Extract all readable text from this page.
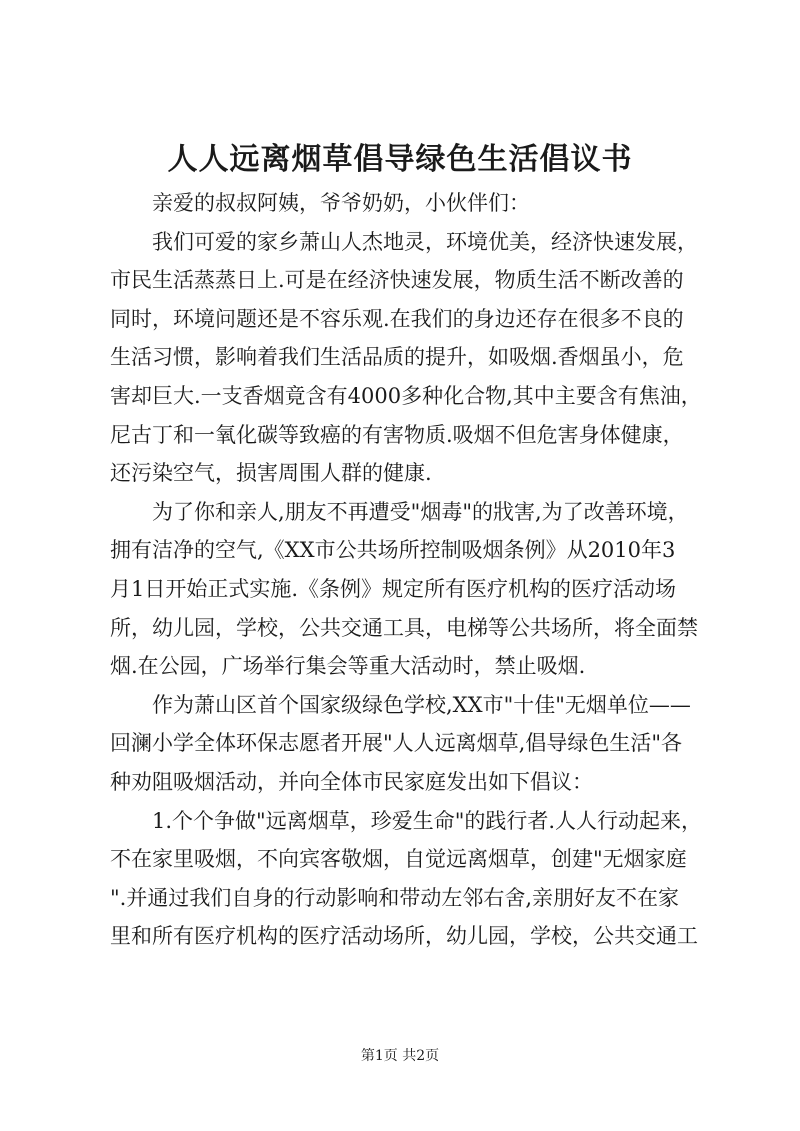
人人远离烟草倡导绿色生活倡议书

亲爱的叔叔阿姨，爷爷奶奶，小伙伴们：

我们可爱的家乡萧山人杰地灵，环境优美，经济快速发展，

市民生活蒸蒸日上.可是在经济快速发展，物质生活不断改善的

同时，环境问题还是不容乐观.在我们的身边还存在很多不良的

生活习惯，影响着我们生活品质的提升，如吸烟.香烟虽小，危

害却巨大.一支香烟竟含有4000多种化合物,其中主要含有焦油，

尼古丁和一氧化碳等致癌的有害物质.吸烟不但危害身体健康，

还污染空气，损害周围人群的健康.

为了你和亲人,朋友不再遭受"烟毒"的戕害,为了改善环境，

拥有洁净的空气,《XX市公共场所控制吸烟条例》从2010年3

月1日开始正式实施.《条例》规定所有医疗机构的医疗活动场

所，幼儿园，学校，公共交通工具，电梯等公共场所，将全面禁

烟.在公园，广场举行集会等重大活动时，禁止吸烟.

作为萧山区首个国家级绿色学校,XX市"十佳"无烟单位——

回澜小学全体环保志愿者开展"人人远离烟草,倡导绿色生活"各

种劝阻吸烟活动，并向全体市民家庭发出如下倡议：

1.个个争做"远离烟草，珍爱生命"的践行者.人人行动起来，

不在家里吸烟，不向宾客敬烟，自觉远离烟草，创建"无烟家庭

".并通过我们自身的行动影响和带动左邻右舍,亲朋好友不在家

里和所有医疗机构的医疗活动场所，幼儿园，学校，公共交通工

第1页 共2页
